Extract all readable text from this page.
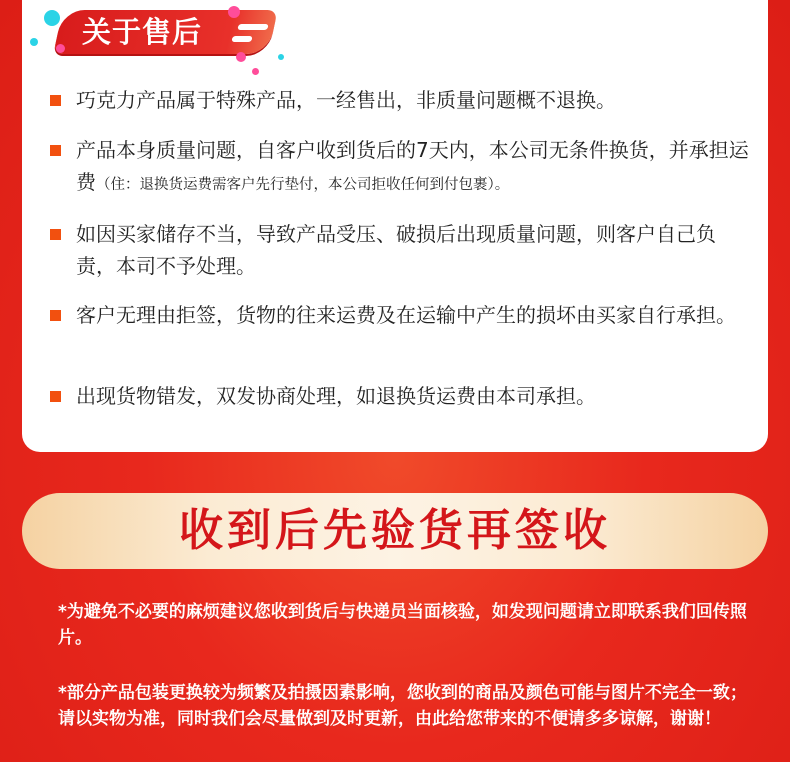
关于售后
巧克力产品属于特殊产品，一经售出，非质量问题概不退换。
产品本身质量问题，自客户收到货后的7天内，本公司无条件换货，并承担运费（住：退换货运费需客户先行垫付，本公司拒收任何到付包裹）。
如因买家储存不当，导致产品受压、破损后出现质量问题，则客户自己负责，本司不予处理。
客户无理由拒签，货物的往来运费及在运输中产生的损坏由买家自行承担。
出现货物错发，双发协商处理，如退换货运费由本司承担。
收到后先验货再签收
*为避免不必要的麻烦建议您收到货后与快递员当面核验，如发现问题请立即联系我们回传照片。
*部分产品包装更换较为频繁及拍摄因素影响，您收到的商品及颜色可能与图片不完全一致；请以实物为准，同时我们会尽量做到及时更新，由此给您带来的不便请多多谅解，谢谢！
